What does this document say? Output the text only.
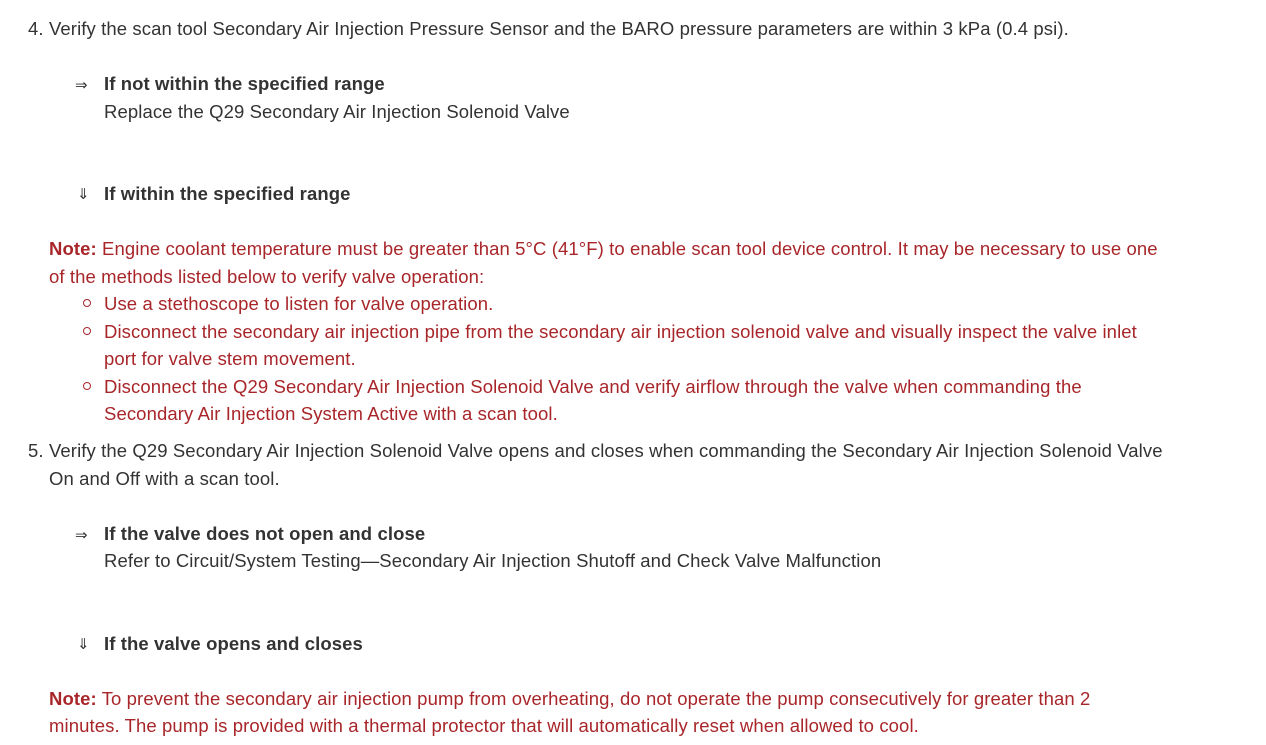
4. Verify the scan tool Secondary Air Injection Pressure Sensor and the BARO pressure parameters are within 3 kPa (0.4 psi).
⇒ If not within the specified range
Replace the Q29 Secondary Air Injection Solenoid Valve
⇓ If within the specified range
Note: Engine coolant temperature must be greater than 5°C (41°F) to enable scan tool device control. It may be necessary to use one
of the methods listed below to verify valve operation:
Use a stethoscope to listen for valve operation.
Disconnect the secondary air injection pipe from the secondary air injection solenoid valve and visually inspect the valve inlet
port for valve stem movement.
Disconnect the Q29 Secondary Air Injection Solenoid Valve and verify airflow through the valve when commanding the
Secondary Air Injection System Active with a scan tool.
5. Verify the Q29 Secondary Air Injection Solenoid Valve opens and closes when commanding the Secondary Air Injection Solenoid Valve
On and Off with a scan tool.
⇒ If the valve does not open and close
Refer to Circuit/System Testing—Secondary Air Injection Shutoff and Check Valve Malfunction
⇓ If the valve opens and closes
Note: To prevent the secondary air injection pump from overheating, do not operate the pump consecutively for greater than 2
minutes. The pump is provided with a thermal protector that will automatically reset when allowed to cool.
